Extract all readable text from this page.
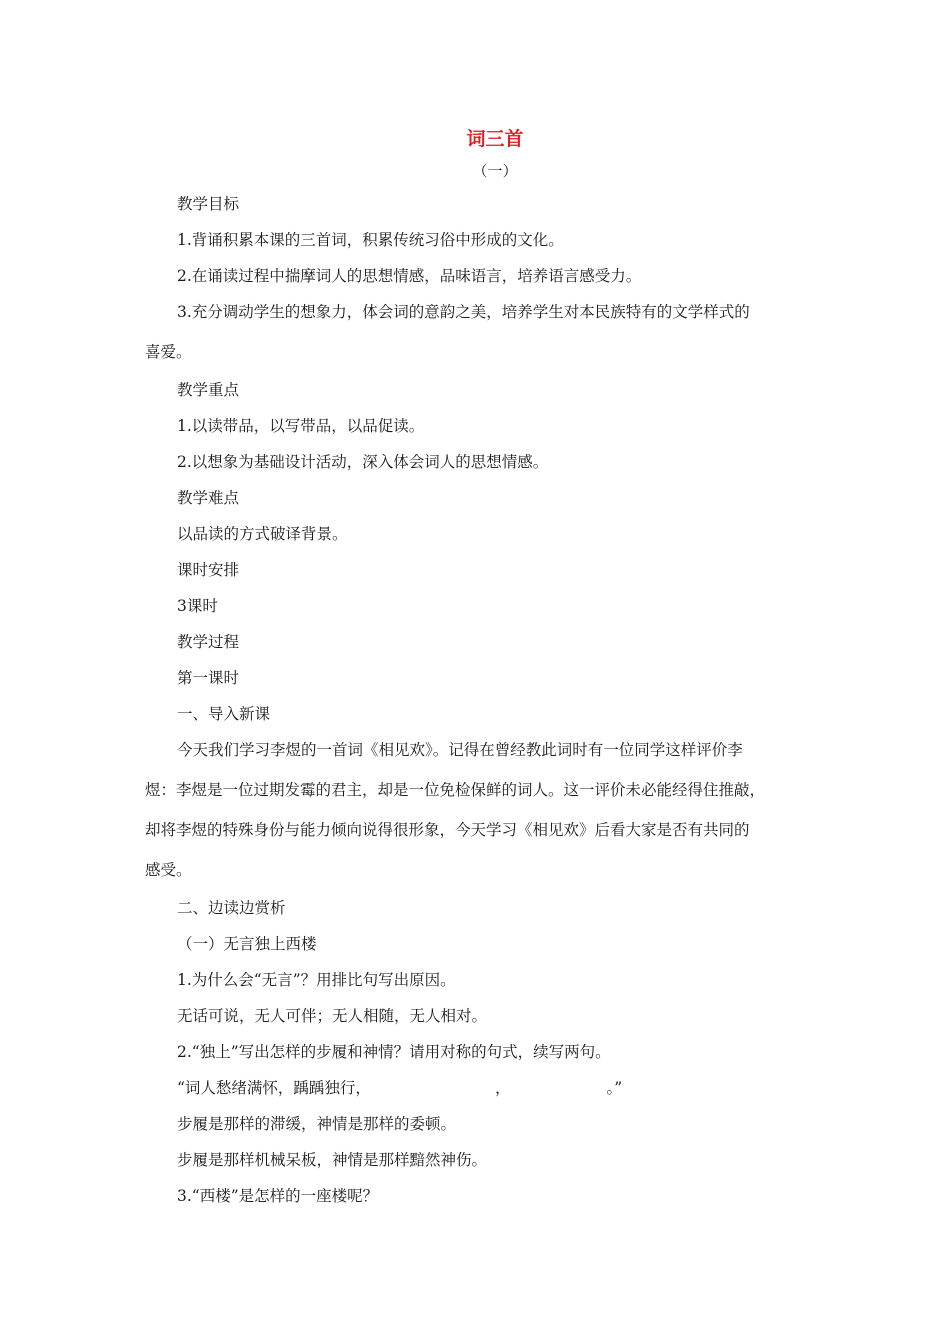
词三首
（一）
教学目标
1.背诵积累本课的三首词，积累传统习俗中形成的文化。
2.在诵读过程中揣摩词人的思想情感，品味语言，培养语言感受力。
3.充分调动学生的想象力，体会词的意韵之美，培养学生对本民族特有的文学样式的
喜爱。
教学重点
1.以读带品，以写带品，以品促读。
2.以想象为基础设计活动，深入体会词人的思想情感。
教学难点
以品读的方式破译背景。
课时安排
3课时
教学过程
第一课时
一、导入新课
今天我们学习李煜的一首词《相见欢》。记得在曾经教此词时有一位同学这样评价李
煜：李煜是一位过期发霉的君主，却是一位免检保鲜的词人。这一评价未必能经得住推敲，
却将李煜的特殊身份与能力倾向说得很形象，今天学习《相见欢》后看大家是否有共同的
感受。
二、边读边赏析
（一）无言独上西楼
1.为什么会“无言”？用排比句写出原因。
无话可说，无人可伴；无人相随，无人相对。
2.“独上”写出怎样的步履和神情？请用对称的句式，续写两句。
“词人愁绪满怀，踽踽独行，	，	。”
步履是那样的滞缓，神情是那样的委顿。
步履是那样机械呆板，神情是那样黯然神伤。
3.“西楼”是怎样的一座楼呢？
